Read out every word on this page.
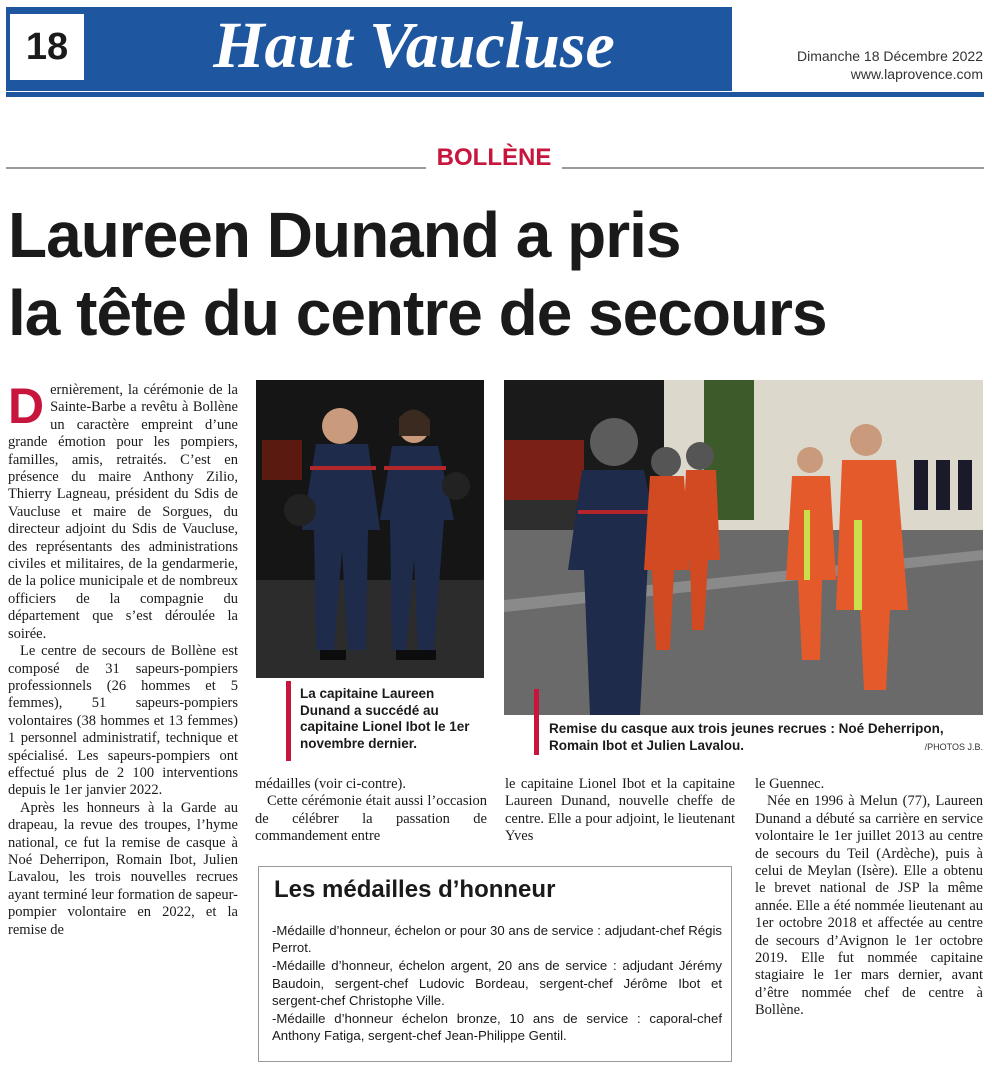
18	Haut Vaucluse	Dimanche 18 Décembre 2022
www.laprovence.com
BOLLÈNE
Laureen Dunand a pris
la tête du centre de secours

Dernièrement, la cérémonie de la Sainte-Barbe a revêtu à Bollène un caractère empreint d’une grande émotion pour les pompiers, familles, amis, retraités. C’est en présence du maire Anthony Zilio, Thierry Lagneau, président du Sdis de Vaucluse et maire de Sorgues, du directeur adjoint du Sdis de Vaucluse, des représentants des administrations civiles et militaires, de la gendarmerie, de la police municipale et de nombreux officiers de la compagnie du département que s’est déroulée la soirée.

Le centre de secours de Bollène est composé de 31 sapeurs-pompiers professionnels (26 hommes et 5 femmes), 51 sapeurs-pompiers volontaires (38 hommes et 13 femmes) 1 personnel administratif, technique et spécialisé. Les sapeurs-pompiers ont effectué plus de 2 100 interventions depuis le 1er janvier 2022.

Après les honneurs à la Garde au drapeau, la revue des troupes, l’hyme national, ce fut la remise de casque à Noé Deherripon, Romain Ibot, Julien Lavalou, les trois nouvelles recrues ayant terminé leur formation de sapeur-pompier volontaire en 2022, et la remise de

La capitaine Laureen Dunand a succédé au capitaine Lionel Ibot le 1er novembre dernier.
Remise du casque aux trois jeunes recrues : Noé Deherripon, Romain Ibot et Julien Lavalou.	/PHOTOS J.B.

médailles (voir ci-contre).

Cette cérémonie était aussi l’occasion de célébrer la passation de commandement entre

le capitaine Lionel Ibot et la capitaine Laureen Dunand, nouvelle cheffe de centre. Elle a pour adjoint, le lieutenant Yves

le Guennec.

Née en 1996 à Melun (77), Laureen Dunand a débuté sa carrière en service volontaire le 1er juillet 2013 au centre de secours du Teil (Ardèche), puis à celui de Meylan (Isère). Elle a obtenu le brevet national de JSP la même année. Elle a été nommée lieutenant au 1er octobre 2018 et affectée au centre de secours d’Avignon le 1er octobre 2019. Elle fut nommée capitaine stagiaire le 1er mars dernier, avant d’être nommée chef de centre à Bollène.

Les médailles d’honneur
-Médaille d’honneur, échelon or pour 30 ans de service : adjudant-chef Régis Perrot.
-Médaille d’honneur, échelon argent, 20 ans de service : adjudant Jérémy Baudoin, sergent-chef Ludovic Bordeau, sergent-chef Jérôme Ibot et sergent-chef Christophe Ville.
-Médaille d’honneur échelon bronze, 10 ans de service : caporal-chef Anthony Fatiga, sergent-chef Jean-Philippe Gentil.
